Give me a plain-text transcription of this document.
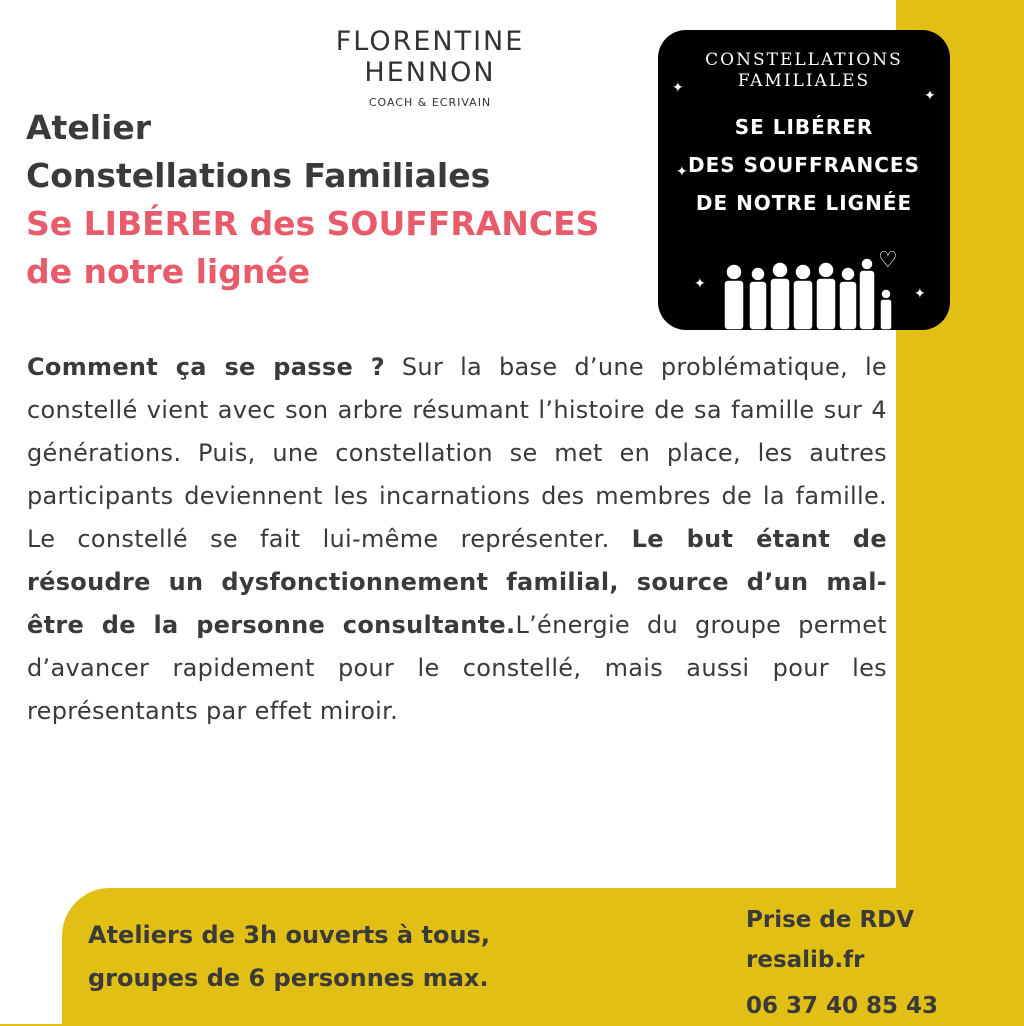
FLORENTINE HENNON
COACH & ECRIVAIN
Atelier
Constellations Familiales
Se LIBÉRER des SOUFFRANCES
de notre lignée
CONSTELLATIONS
FAMILIALES
SE LIBÉRER
DES SOUFFRANCES
DE NOTRE LIGNÉE
✦	✦
✦
✦
✦
♡
Comment ça se passe ? Sur la base d’une problématique, le constellé vient avec son arbre résumant l’histoire de sa famille sur 4 générations. Puis, une constellation se met en place, les autres participants deviennent les incarnations des membres de la famille. Le constellé se fait lui-même représenter. Le but étant de résoudre un dysfonctionnement familial, source d’un mal-être de la personne consultante.L’énergie du groupe permet d’avancer rapidement pour le constellé, mais aussi pour les représentants par effet miroir.
Ateliers de 3h ouverts à tous,
groupes de 6 personnes max.
Prise de RDV
resalib.fr
06 37 40 85 43
